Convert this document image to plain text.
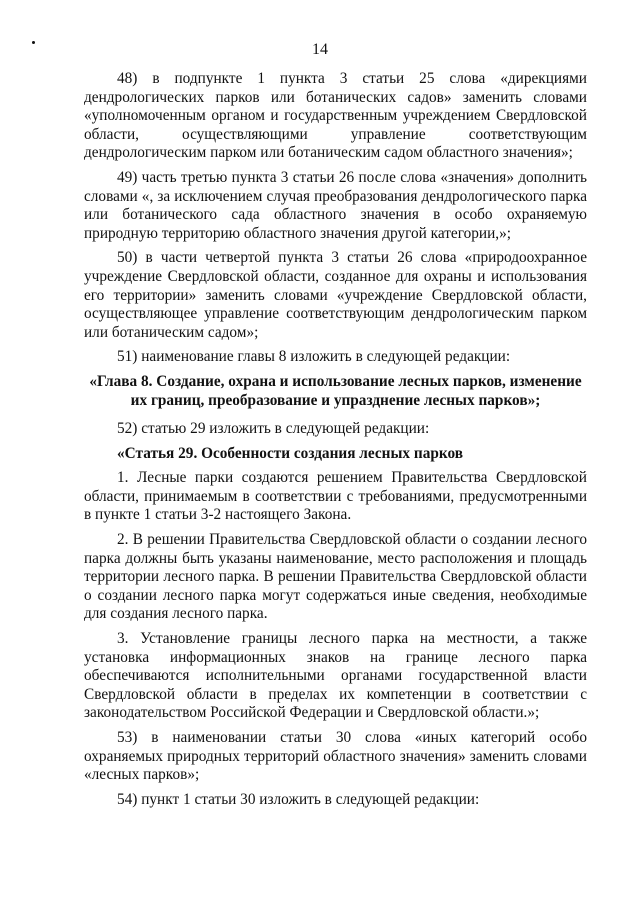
14

48) в подпункте 1 пункта 3 статьи 25 слова «дирекциями дендрологических парков или ботанических садов» заменить словами «уполномоченным органом и государственным учреждением Свердловской области, осуществляющими управление соответствующим дендрологическим парком или ботаническим садом областного значения»;

49) часть третью пункта 3 статьи 26 после слова «значения» дополнить словами «, за исключением случая преобразования дендрологического парка или ботанического сада областного значения в особо охраняемую природную территорию областного значения другой категории,»;

50) в части четвертой пункта 3 статьи 26 слова «природоохранное учреждение Свердловской области, созданное для охраны и использования его территории» заменить словами «учреждение Свердловской области, осуществляющее управление соответствующим дендрологическим парком или ботаническим садом»;

51) наименование главы 8 изложить в следующей редакции:

«Глава 8. Создание, охрана и использование лесных парков, изменение их границ, преобразование и упразднение лесных парков»;

52) статью 29 изложить в следующей редакции:

«Статья 29. Особенности создания лесных парков

1. Лесные парки создаются решением Правительства Свердловской области, принимаемым в соответствии с требованиями, предусмотренными в пункте 1 статьи 3-2 настоящего Закона.

2. В решении Правительства Свердловской области о создании лесного парка должны быть указаны наименование, место расположения и площадь территории лесного парка. В решении Правительства Свердловской области о создании лесного парка могут содержаться иные сведения, необходимые для создания лесного парка.

3. Установление границы лесного парка на местности, а также установка информационных знаков на границе лесного парка обеспечиваются исполнительными органами государственной власти Свердловской области в пределах их компетенции в соответствии с законодательством Российской Федерации и Свердловской области.»;

53) в наименовании статьи 30 слова «иных категорий особо охраняемых природных территорий областного значения» заменить словами «лесных парков»;

54) пункт 1 статьи 30 изложить в следующей редакции:
